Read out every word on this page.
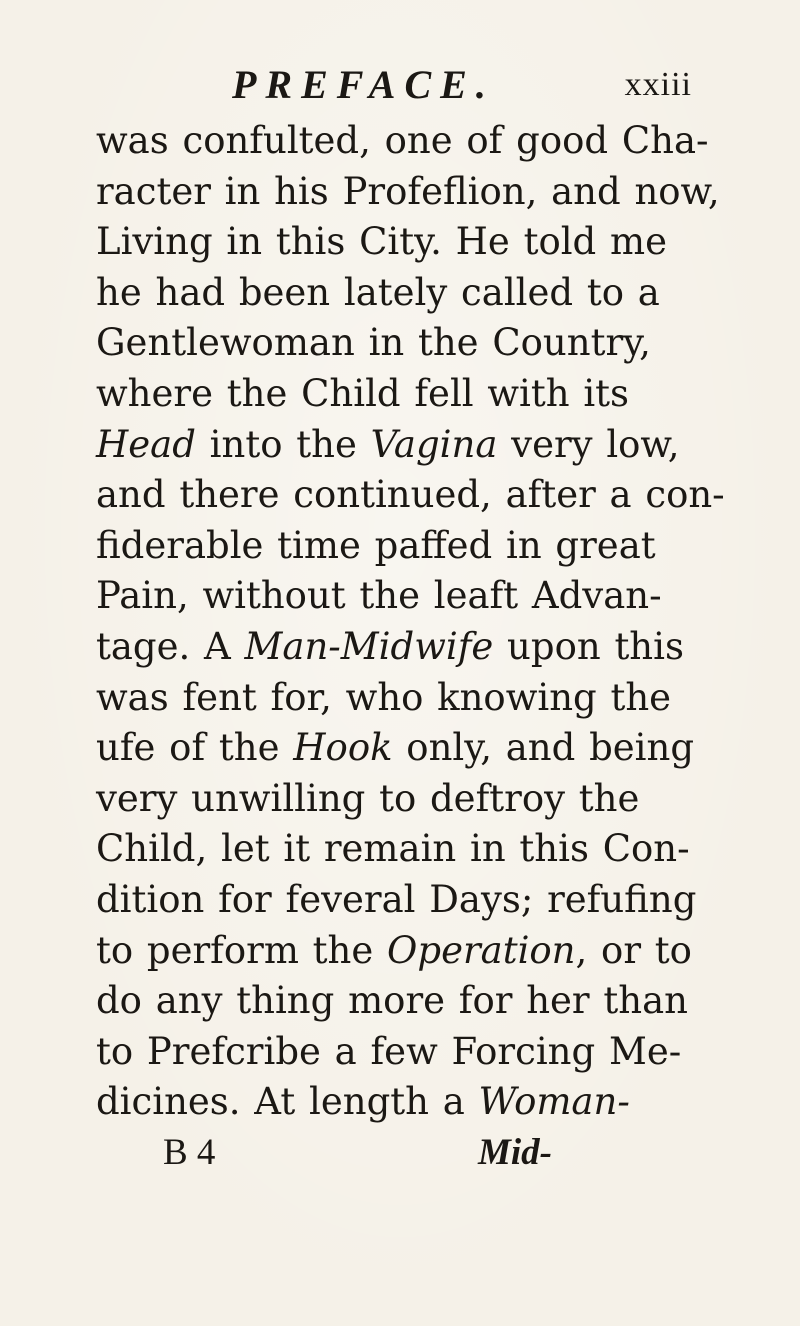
PREFACE.	xxiii
was confulted, one of good Cha-
racter in his Profeflion, and now,
Living in this City. He told me
he had been lately called to a
Gentlewoman in the Country,
where the Child fell with its
Head into the Vagina very low,
and there continued, after a con-
fiderable time paffed in great
Pain, without the leaft Advan-
tage. A Man-Midwife upon this
was fent for, who knowing the
ufe of the Hook only, and being
very unwilling to deftroy the
Child, let it remain in this Con-
dition for feveral Days; refufing
to perform the Operation, or to
do any thing more for her than
to Prefcribe a few Forcing Me-
dicines. At length a Woman-
B 4	Mid-
